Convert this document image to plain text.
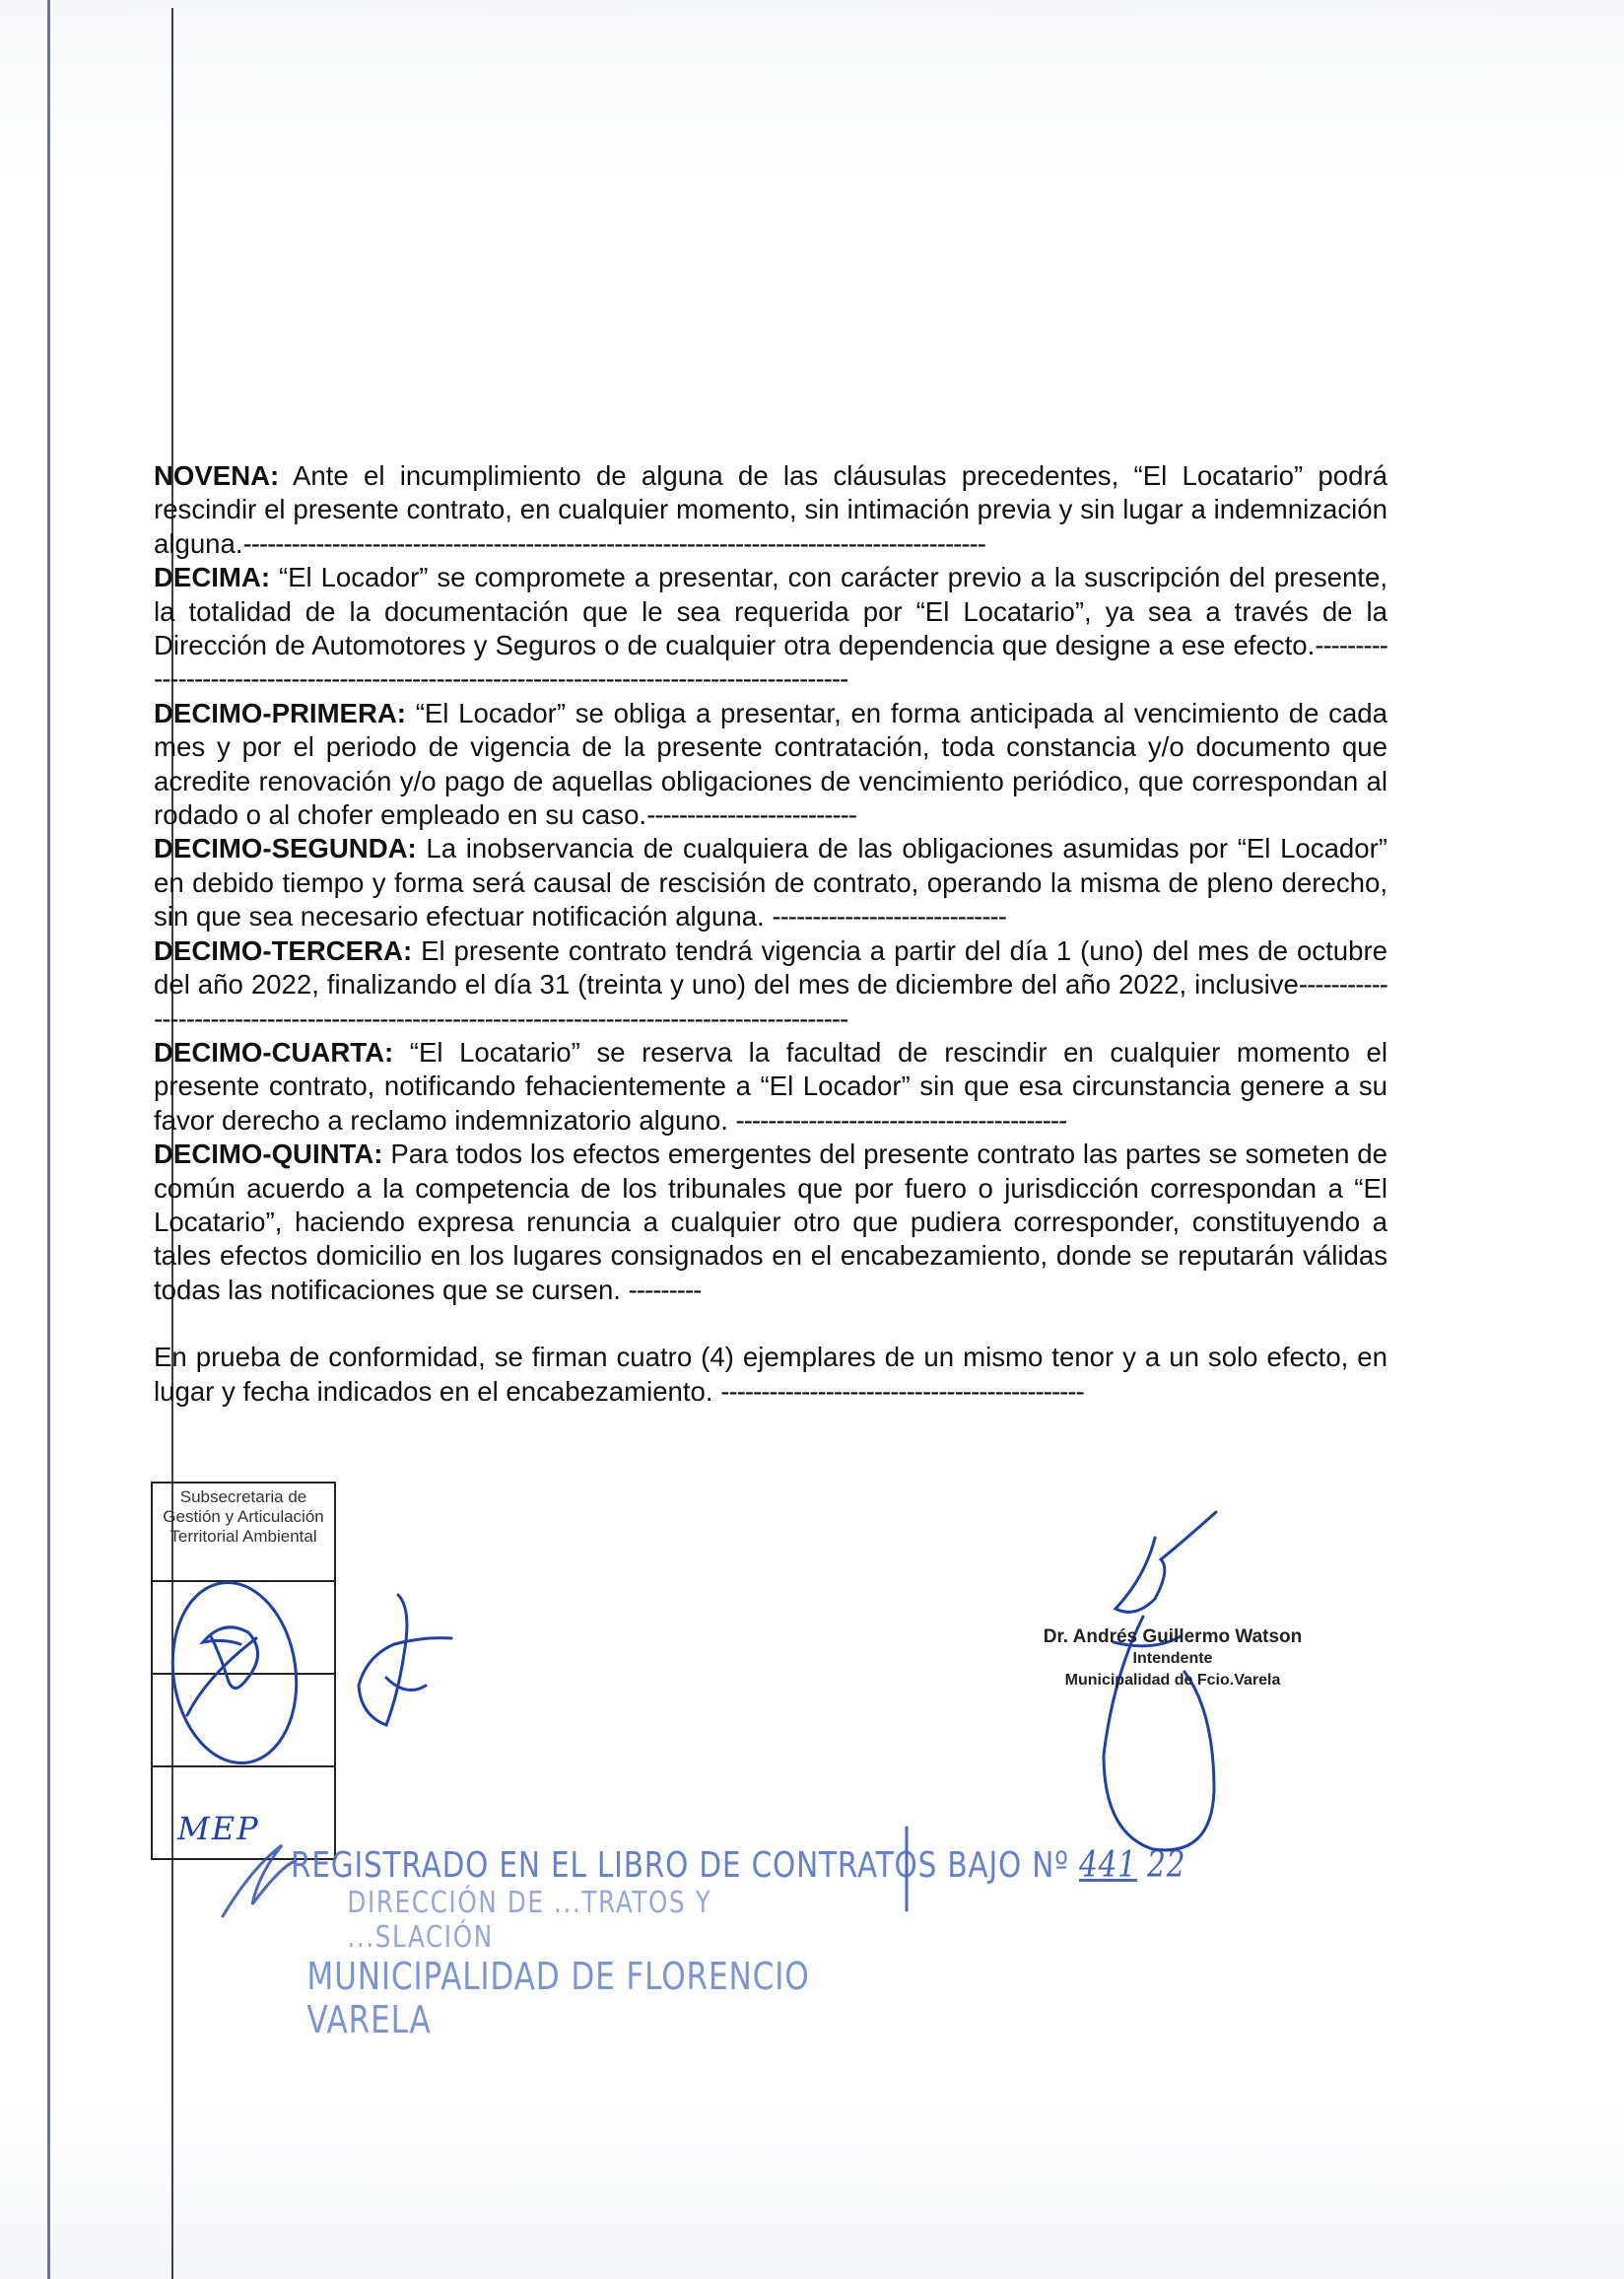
NOVENA: Ante el incumplimiento de alguna de las cláusulas precedentes, “El Locatario” podrá rescindir el presente contrato, en cualquier momento, sin intimación previa y sin lugar a indemnización alguna.--------------------------------------------------------------------------------------------

DECIMA: “El Locador” se compromete a presentar, con carácter previo a la suscripción del presente, la totalidad de la documentación que le sea requerida por “El Locatario”, ya sea a través de la Dirección de Automotores y Seguros o de cualquier otra dependencia que designe a ese efecto.-----------------------------------------------------------------------------------------------

DECIMO-PRIMERA: “El Locador” se obliga a presentar, en forma anticipada al vencimiento de cada mes y por el periodo de vigencia de la presente contratación, toda constancia y/o documento que acredite renovación y/o pago de aquellas obligaciones de vencimiento periódico, que correspondan al rodado o al chofer empleado en su caso.--------------------------

DECIMO-SEGUNDA: La inobservancia de cualquiera de las obligaciones asumidas por “El Locador” en debido tiempo y forma será causal de rescisión de contrato, operando la misma de pleno derecho, sin que sea necesario efectuar notificación alguna. -----------------------------

DECIMO-TERCERA: El presente contrato tendrá vigencia a partir del día 1 (uno) del mes de octubre del año 2022, finalizando el día 31 (treinta y uno) del mes de diciembre del año 2022, inclusive-------------------------------------------------------------------------------------------------

DECIMO-CUARTA: “El Locatario” se reserva la facultad de rescindir en cualquier momento el presente contrato, notificando fehacientemente a “El Locador” sin que esa circunstancia genere a su favor derecho a reclamo indemnizatorio alguno. -----------------------------------------

DECIMO-QUINTA: Para todos los efectos emergentes del presente contrato las partes se someten de común acuerdo a la competencia de los tribunales que por fuero o jurisdicción correspondan a “El Locatario”, haciendo expresa renuncia a cualquier otro que pudiera corresponder, constituyendo a tales efectos domicilio en los lugares consignados en el encabezamiento, donde se reputarán válidas todas las notificaciones que se cursen. ---------

En prueba de conformidad, se firman cuatro (4) ejemplares de un mismo tenor y a un solo efecto, en lugar y fecha indicados en el encabezamiento. ---------------------------------------------

Subsecretaria de Gestión y Articulación Territorial Ambiental
MEP
Dr. Andrés Guillermo Watson
Intendente
Municipalidad de Fcio.Varela
REGISTRADO EN EL LIBRO DE CONTRATOS BAJO Nº 441 22
DIRECCIÓN DE ...TRATOS Y ...SLACIÓN
MUNICIPALIDAD DE FLORENCIO VARELA
